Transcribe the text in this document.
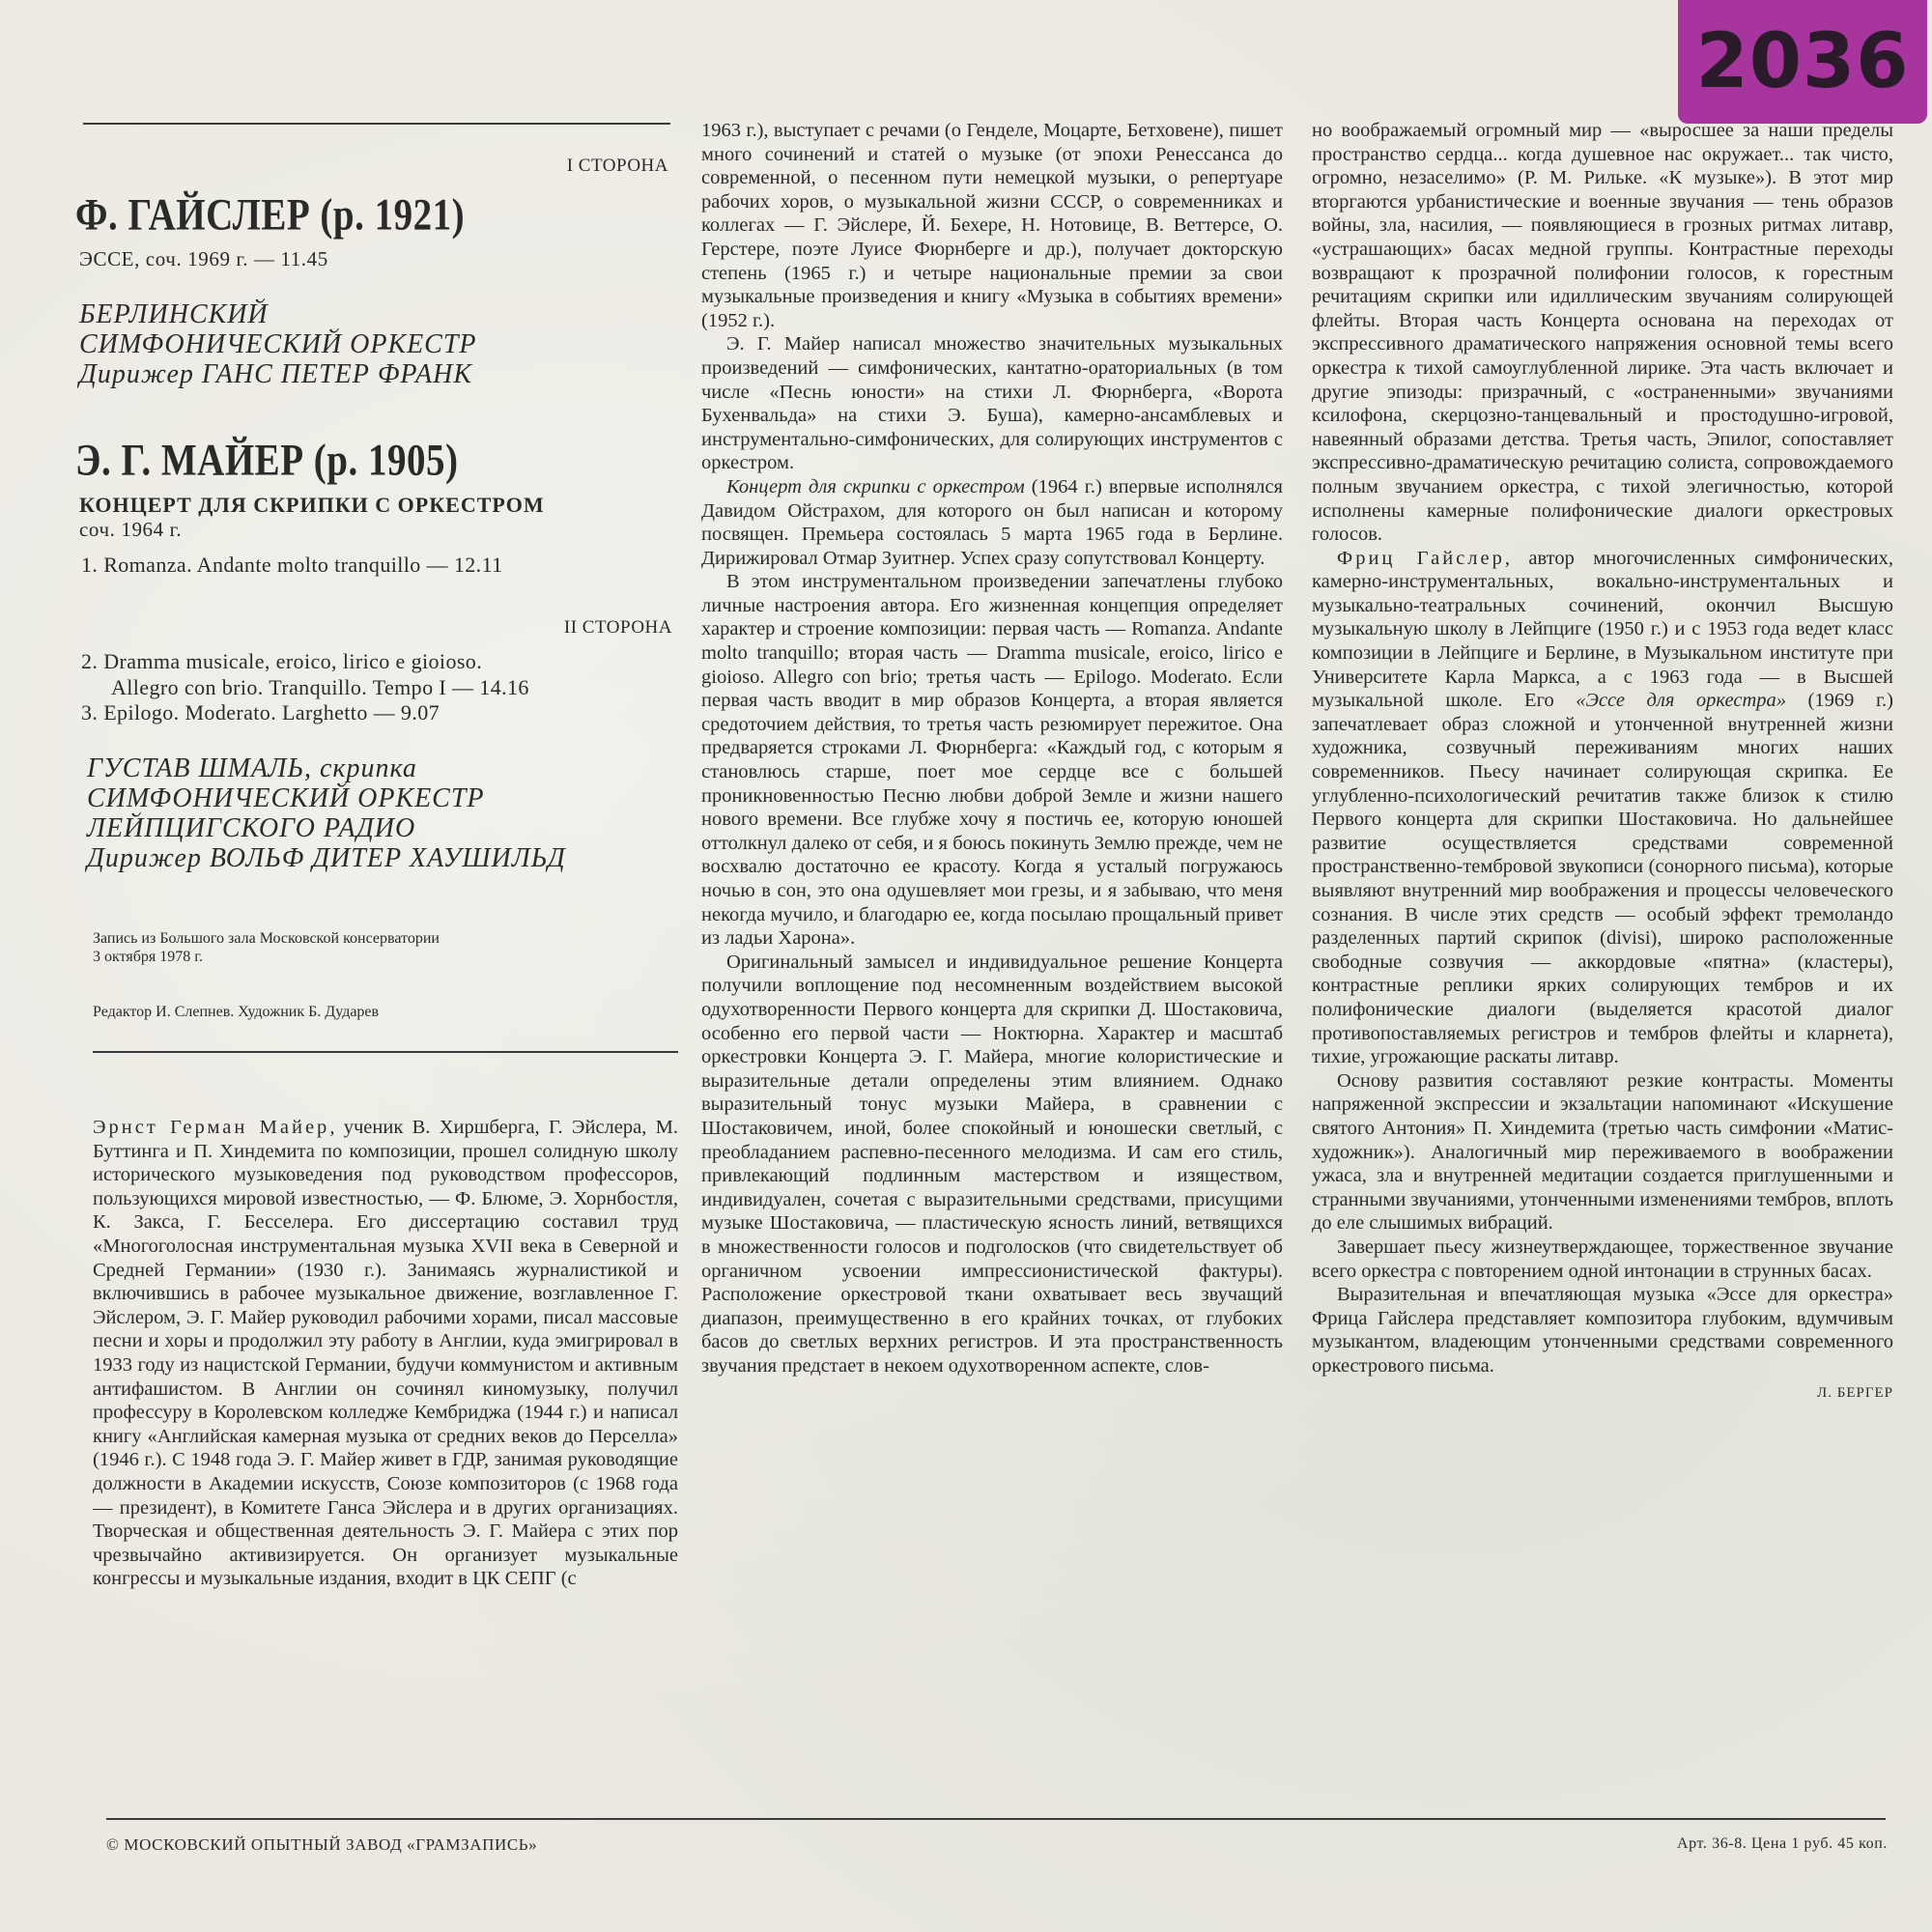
2036
I СТОРОНА
Ф. ГАЙСЛЕР (р. 1921)
ЭССЕ, соч. 1969 г. — 11.45
БЕРЛИНСКИЙ
СИМФОНИЧЕСКИЙ ОРКЕСТР
Дирижер ГАНС ПЕТЕР ФРАНК
Э. Г. МАЙЕР (р. 1905)
КОНЦЕРТ ДЛЯ СКРИПКИ С ОРКЕСТРОМ
соч. 1964 г.
1. Romanza. Andante molto tranquillo — 12.11
II СТОРОНА
2. Dramma musicale, eroico, lirico e gioioso.
Allegro con brio. Tranquillo. Tempo I — 14.16
3. Epilogo. Moderato. Larghetto — 9.07
ГУСТАВ ШМАЛЬ, скрипка
СИМФОНИЧЕСКИЙ ОРКЕСТР
ЛЕЙПЦИГСКОГО РАДИО
Дирижер ВОЛЬФ ДИТЕР ХАУШИЛЬД
Запись из Большого зала Московской консерватории
3 октября 1978 г.
Редактор И. Слепнев. Художник Б. Дударев

Эрнст Герман Майер, ученик В. Хиршберга, Г. Эйслера, М. Буттинга и П. Хиндемита по композиции, прошел солидную школу исторического музыковедения под руководством профессоров, пользующихся мировой известностью, — Ф. Блюме, Э. Хорнбостля, К. Закса, Г. Бесселера. Его диссертацию составил труд «Многоголосная инструментальная музыка XVII века в Северной и Средней Германии» (1930 г.). Занимаясь журналистикой и включившись в рабочее музыкальное движение, возглавленное Г. Эйслером, Э. Г. Майер руководил рабочими хорами, писал массовые песни и хоры и продолжил эту работу в Англии, куда эмигрировал в 1933 году из нацистской Германии, будучи коммунистом и активным антифашистом. В Англии он сочинял киномузыку, получил профессуру в Королевском колледже Кембриджа (1944 г.) и написал книгу «Английская камерная музыка от средних веков до Перселла» (1946 г.). С 1948 года Э. Г. Майер живет в ГДР, занимая руководящие должности в Академии искусств, Союзе композиторов (с 1968 года — президент), в Комитете Ганса Эйслера и в других организациях. Творческая и общественная деятельность Э. Г. Майера с этих пор чрезвычайно активизируется. Он организует музыкальные конгрессы и музыкальные издания, входит в ЦК СЕПГ (с

1963 г.), выступает с речами (о Генделе, Моцарте, Бетховене), пишет много сочинений и статей о музыке (от эпохи Ренессанса до современной, о песенном пути немецкой музыки, о репертуаре рабочих хоров, о музыкальной жизни СССР, о современниках и коллегах — Г. Эйслере, Й. Бехере, Н. Нотовице, В. Веттерсе, О. Герстере, поэте Луисе Фюрнберге и др.), получает докторскую степень (1965 г.) и четыре национальные премии за свои музыкальные произведения и книгу «Музыка в событиях времени» (1952 г.).

Э. Г. Майер написал множество значительных музыкальных произведений — симфонических, кантатно-ораториальных (в том числе «Песнь юности» на стихи Л. Фюрнберга, «Ворота Бухенвальда» на стихи Э. Буша), камерно-ансамблевых и инструментально-симфонических, для солирующих инструментов с оркестром.

Концерт для скрипки с оркестром (1964 г.) впервые исполнялся Давидом Ойстрахом, для которого он был написан и которому посвящен. Премьера состоялась 5 марта 1965 года в Берлине. Дирижировал Отмар Зуитнер. Успех сразу сопутствовал Концерту.

В этом инструментальном произведении запечатлены глубоко личные настроения автора. Его жизненная концепция определяет характер и строение композиции: первая часть — Romanza. Andante molto tranquillo; вторая часть — Dramma musicale, eroico, lirico e gioioso. Allegro con brio; третья часть — Epilogo. Moderato. Если первая часть вводит в мир образов Концерта, а вторая является средоточием действия, то третья часть резюмирует пережитое. Она предваряется строками Л. Фюрнберга: «Каждый год, с которым я становлюсь старше, поет мое сердце все с большей проникновенностью Песню любви доброй Земле и жизни нашего нового времени. Все глубже хочу я постичь ее, которую юношей оттолкнул далеко от себя, и я боюсь покинуть Землю прежде, чем не восхвалю достаточно ее красоту. Когда я усталый погружаюсь ночью в сон, это она одушевляет мои грезы, и я забываю, что меня некогда мучило, и благодарю ее, когда посылаю прощальный привет из ладьи Харона».

Оригинальный замысел и индивидуальное решение Концерта получили воплощение под несомненным воздействием высокой одухотворенности Первого концерта для скрипки Д. Шостаковича, особенно его первой части — Ноктюрна. Характер и масштаб оркестровки Концерта Э. Г. Майера, многие колористические и выразительные детали определены этим влиянием. Однако выразительный тонус музыки Майера, в сравнении с Шостаковичем, иной, более спокойный и юношески светлый, с преобладанием распевно-песенного мелодизма. И сам его стиль, привлекающий подлинным мастерством и изяществом, индивидуален, сочетая с выразительными средствами, присущими музыке Шостаковича, — пластическую ясность линий, ветвящихся в множественности голосов и подголосков (что свидетельствует об органичном усвоении импрессионистической фактуры). Расположение оркестровой ткани охватывает весь звучащий диапазон, преимущественно в его крайних точках, от глубоких басов до светлых верхних регистров. И эта пространственность звучания предстает в некоем одухотворенном аспекте, слов-

но воображаемый огромный мир — «выросшее за наши пределы пространство сердца... когда душевное нас окружает... так чисто, огромно, незаселимо» (Р. М. Рильке. «К музыке»). В этот мир вторгаются урбанистические и военные звучания — тень образов войны, зла, насилия, — появляющиеся в грозных ритмах литавр, «устрашающих» басах медной группы. Контрастные переходы возвращают к прозрачной полифонии голосов, к горестным речитациям скрипки или идиллическим звучаниям солирующей флейты. Вторая часть Концерта основана на переходах от экспрессивного драматического напряжения основной темы всего оркестра к тихой самоуглубленной лирике. Эта часть включает и другие эпизоды: призрачный, с «остраненными» звучаниями ксилофона, скерцозно-танцевальный и простодушно-игровой, навеянный образами детства. Третья часть, Эпилог, сопоставляет экспрессивно-драматическую речитацию солиста, сопровождаемого полным звучанием оркестра, с тихой элегичностью, которой исполнены камерные полифонические диалоги оркестровых голосов.

Фриц Гайслер, автор многочисленных симфонических, камерно-инструментальных, вокально-инструментальных и музыкально-театральных сочинений, окончил Высшую музыкальную школу в Лейпциге (1950 г.) и с 1953 года ведет класс композиции в Лейпциге и Берлине, в Музыкальном институте при Университете Карла Маркса, а с 1963 года — в Высшей музыкальной школе. Его «Эссе для оркестра» (1969 г.) запечатлевает образ сложной и утонченной внутренней жизни художника, созвучный переживаниям многих наших современников. Пьесу начинает солирующая скрипка. Ее углубленно-психологический речитатив также близок к стилю Первого концерта для скрипки Шостаковича. Но дальнейшее развитие осуществляется средствами современной пространственно-тембровой звукописи (сонорного письма), которые выявляют внутренний мир воображения и процессы человеческого сознания. В числе этих средств — особый эффект тремоландо разделенных партий скрипок (divisi), широко расположенные свободные созвучия — аккордовые «пятна» (кластеры), контрастные реплики ярких солирующих тембров и их полифонические диалоги (выделяется красотой диалог противопоставляемых регистров и тембров флейты и кларнета), тихие, угрожающие раскаты литавр.

Основу развития составляют резкие контрасты. Моменты напряженной экспрессии и экзальтации напоминают «Искушение святого Антония» П. Хиндемита (третью часть симфонии «Матис-художник»). Аналогичный мир переживаемого в воображении ужаса, зла и внутренней медитации создается приглушенными и странными звучаниями, утонченными изменениями тембров, вплоть до еле слышимых вибраций.

Завершает пьесу жизнеутверждающее, торжественное звучание всего оркестра с повторением одной интонации в струнных басах.

Выразительная и впечатляющая музыка «Эссе для оркестра» Фрица Гайслера представляет композитора глубоким, вдумчивым музыкантом, владеющим утонченными средствами современного оркестрового письма.

Л. БЕРГЕР

© МОСКОВСКИЙ ОПЫТНЫЙ ЗАВОД «ГРАМЗАПИСЬ»	Арт. 36-8. Цена 1 руб. 45 коп.
